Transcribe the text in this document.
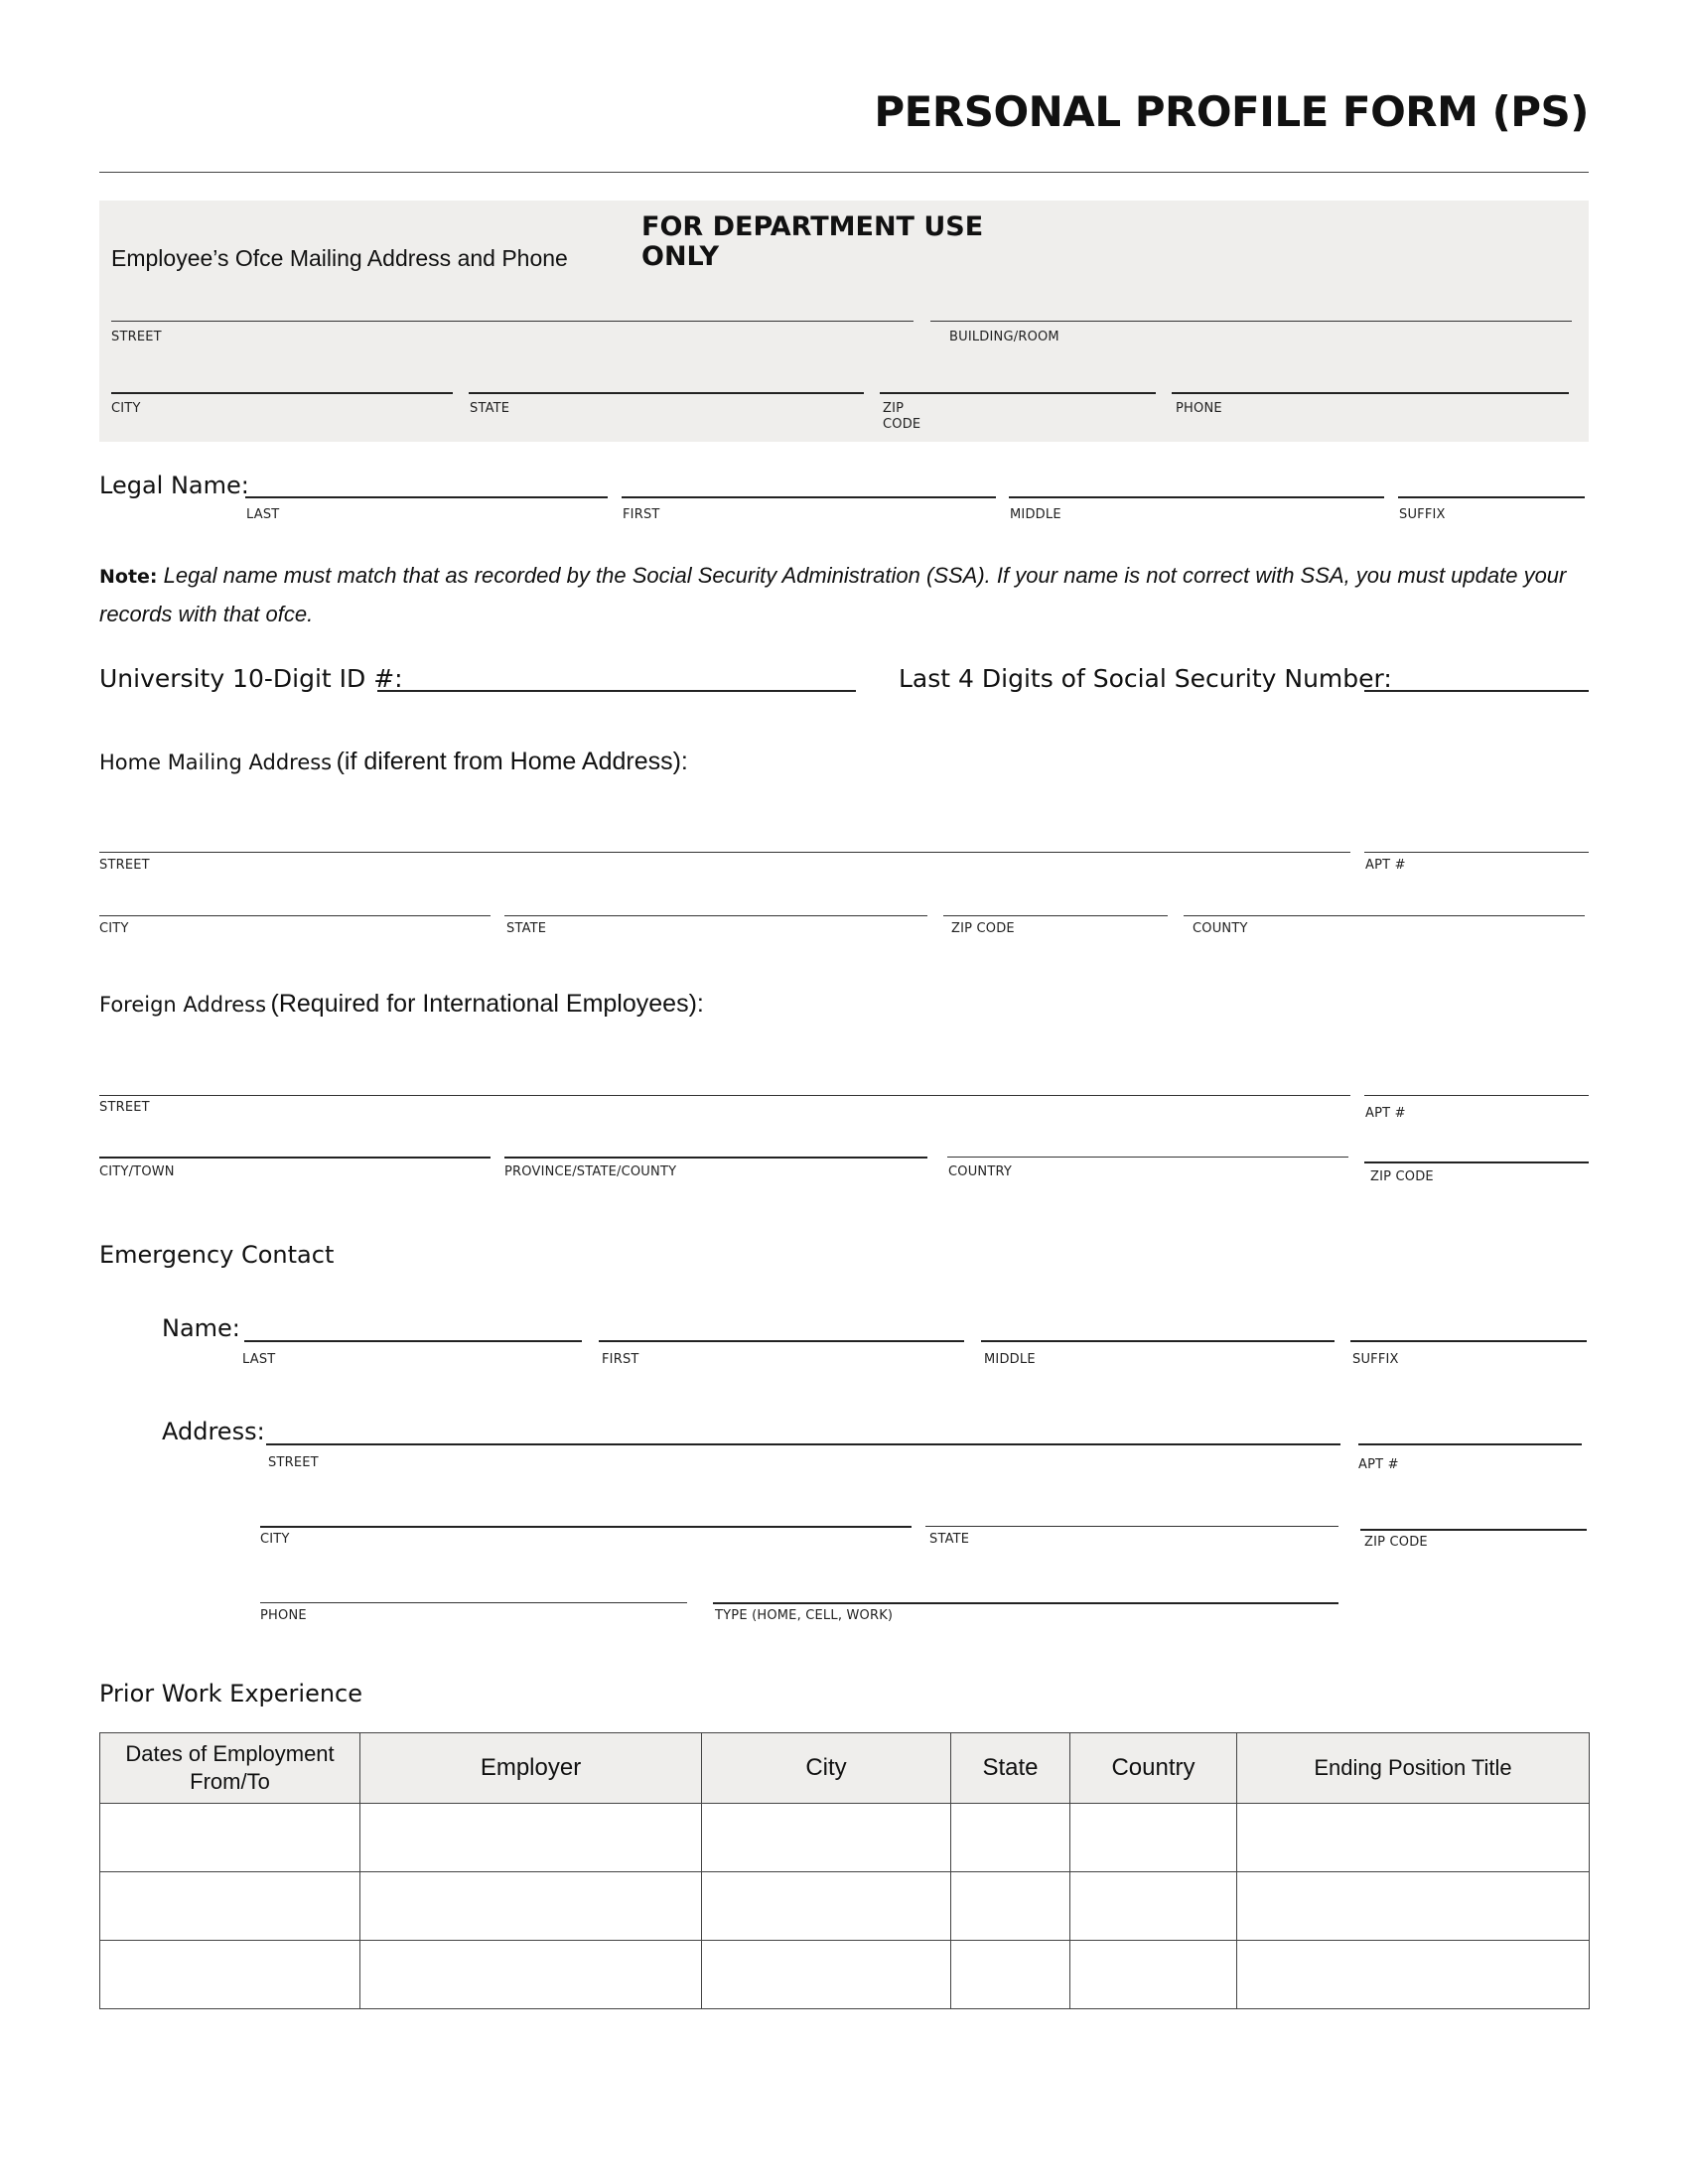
PERSONAL PROFILE FORM (PS)
Employee’s Ofce Mailing Address and Phone
FOR DEPARTMENT USE ONLY
STREET	BUILDING/ROOM
CITY	STATE	ZIP CODE
PHONE
Legal Name:
LAST	FIRST	MIDDLE	SUFFIX
Note: Legal name must match that as recorded by the Social Security Administration (SSA). If your name is not correct with SSA, you must update your records with that ofce.
University 10-Digit ID #:	Last 4 Digits of Social Security Number:
Home Mailing Address (if diferent from Home Address):
STREET	APT #
CITY	STATE	ZIP CODE	COUNTY
Foreign Address (Required for International Employees):
STREET	APT #
CITY/TOWN	PROVINCE/STATE/COUNTY	COUNTRY	ZIP CODE
Emergency Contact
Name:
LAST	FIRST	MIDDLE	SUFFIX
Address:
STREET	APT #
CITY	STATE	ZIP CODE
PHONE	TYPE (HOME, CELL, WORK)
Prior Work Experience
Dates of Employment From/To	Employer	City	State	Country	Ending Position Title
